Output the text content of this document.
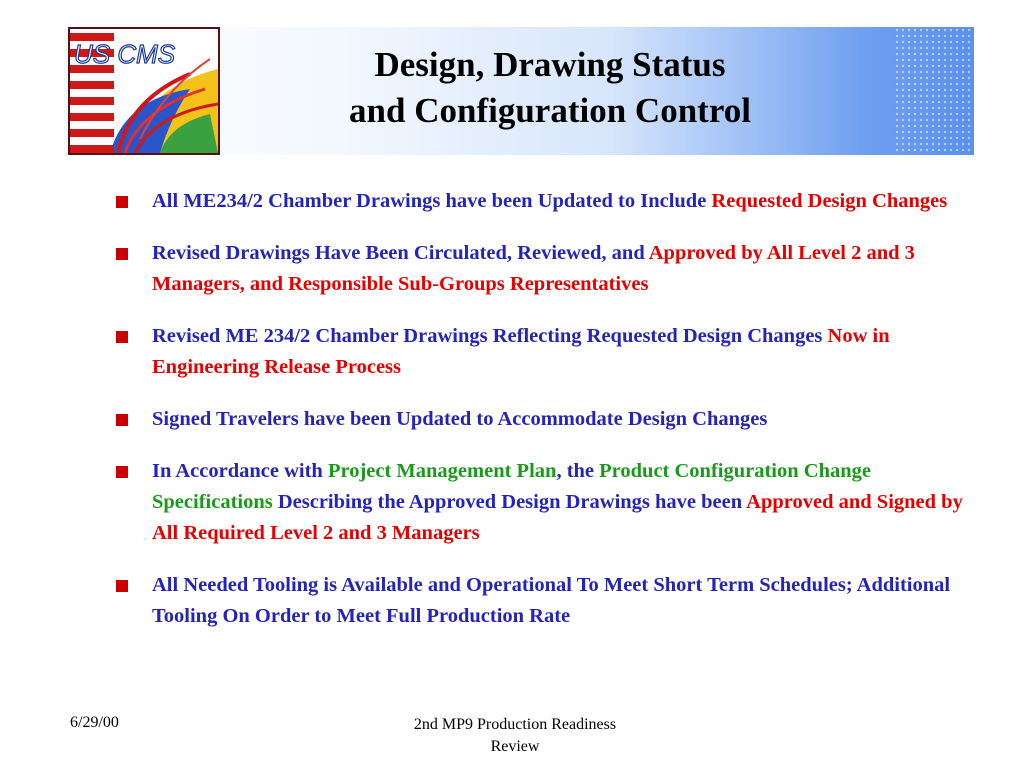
US CMS	Design, Drawing Status
and Configuration Control
All ME234/2 Chamber Drawings have been Updated to Include Requested Design Changes
Revised Drawings Have Been Circulated, Reviewed, and Approved by All Level 2 and 3 Managers, and Responsible Sub-Groups Representatives
Revised ME 234/2 Chamber Drawings Reflecting Requested Design Changes Now in Engineering Release Process
Signed Travelers have been Updated to Accommodate Design Changes
In Accordance with Project Management Plan, the Product Configuration Change Specifications Describing the Approved Design Drawings have been Approved and Signed by All Required Level 2 and 3 Managers
All Needed Tooling is Available and Operational To Meet Short Term Schedules; Additional Tooling On Order to Meet Full Production Rate
6/29/00	2nd MP9 Production Readiness
Review
